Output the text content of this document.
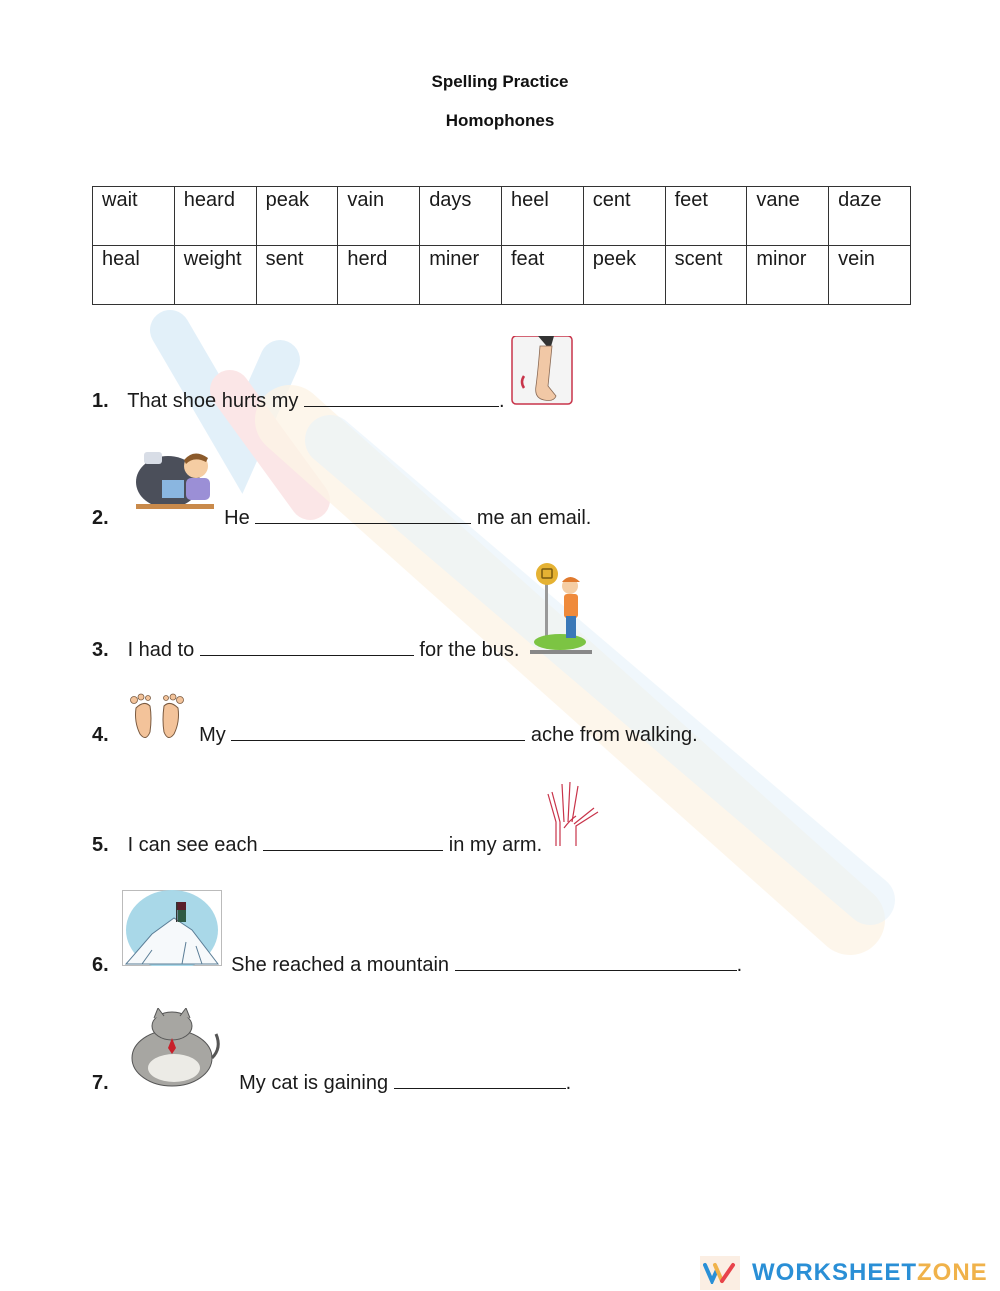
Spelling Practice
Homophones
wait	heard	peak	vain	days	heel	cent	feet	vane	daze
heal	weight	sent	herd	miner	feat	peek	scent	minor	vein
1. That shoe hurts my	.
2.	He	me an email.
3. I had to	for the bus.
4.	My	ache from walking.
5. I can see each	in my arm.
6.	She reached a mountain	.
7.	My cat is gaining	.
WORKSHEETZONE
